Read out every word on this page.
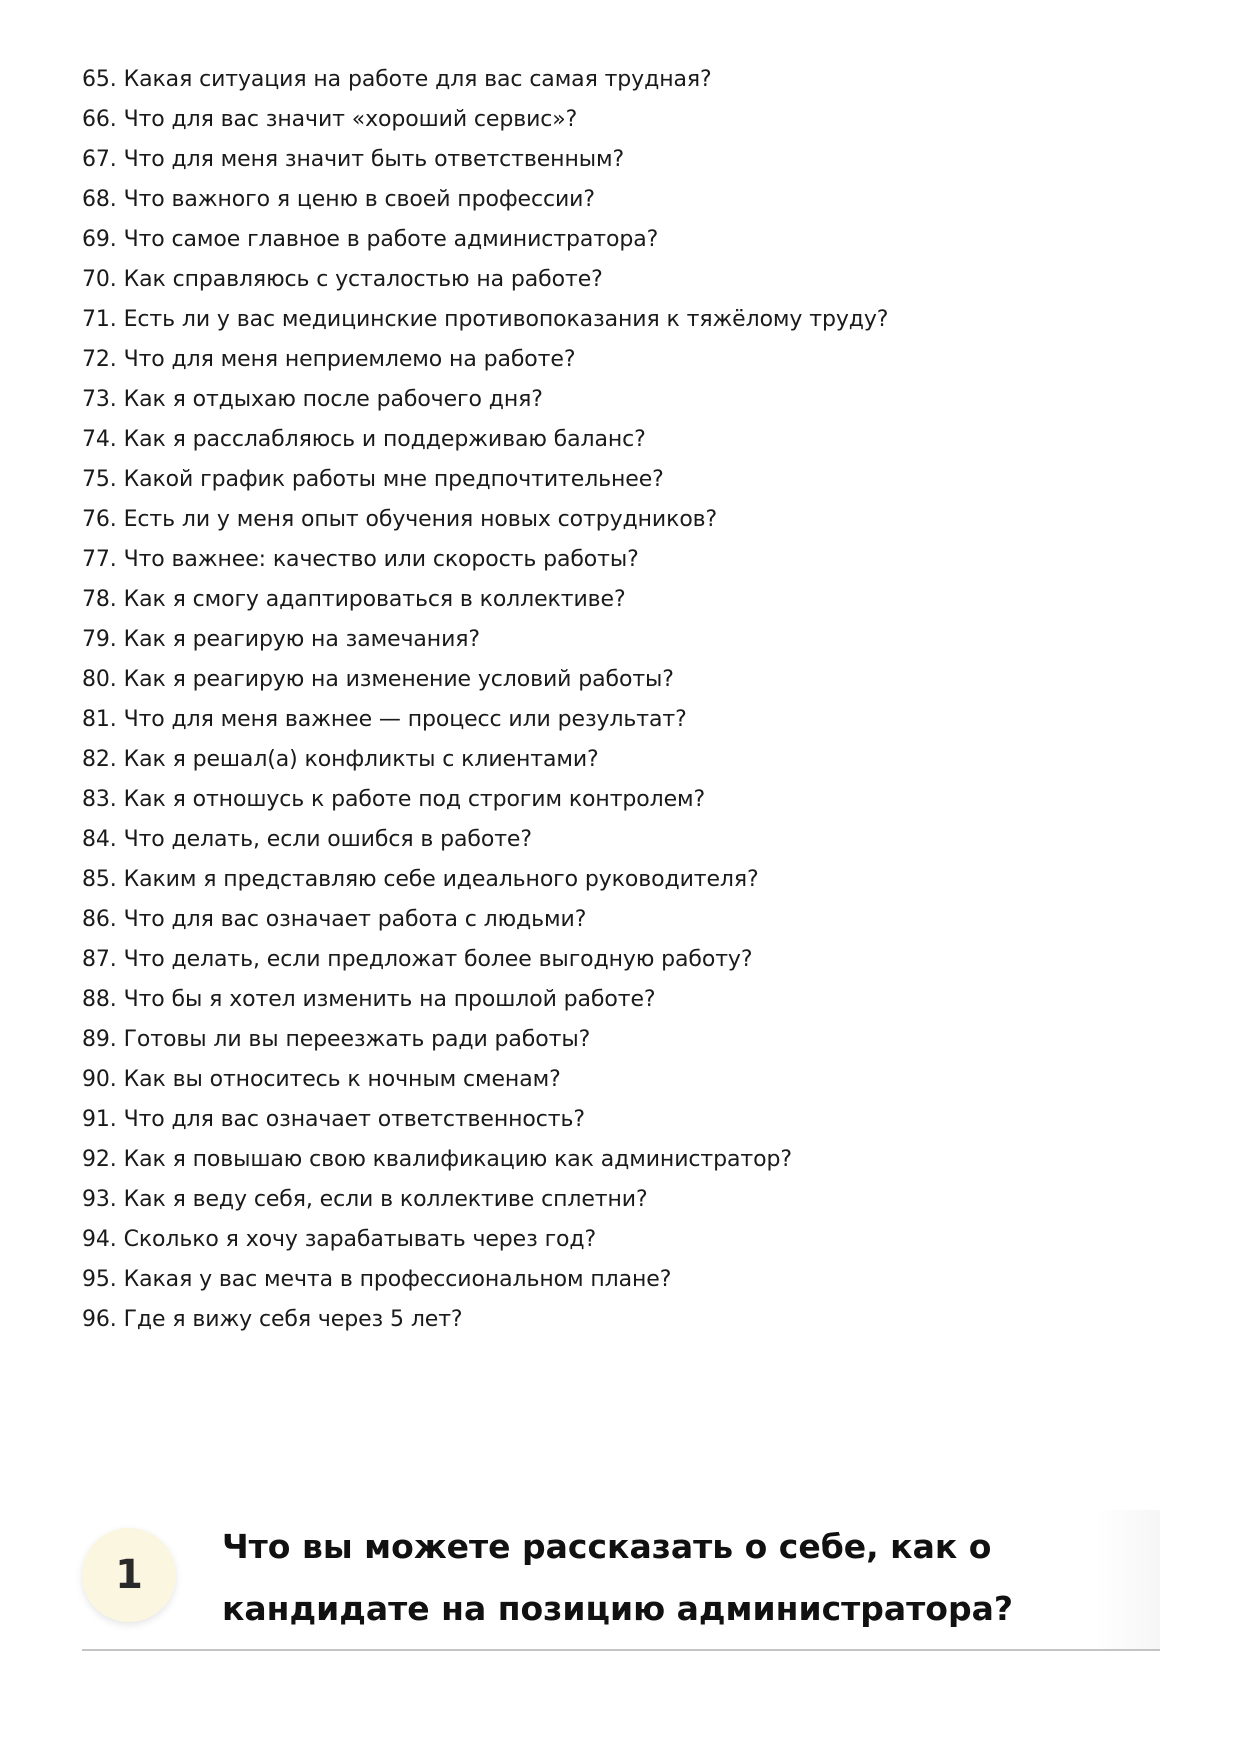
65. Какая ситуация на работе для вас самая трудная?
66. Что для вас значит «хороший сервис»?
67. Что для меня значит быть ответственным?
68. Что важного я ценю в своей профессии?
69. Что самое главное в работе администратора?
70. Как справляюсь с усталостью на работе?
71. Есть ли у вас медицинские противопоказания к тяжёлому труду?
72. Что для меня неприемлемо на работе?
73. Как я отдыхаю после рабочего дня?
74. Как я расслабляюсь и поддерживаю баланс?
75. Какой график работы мне предпочтительнее?
76. Есть ли у меня опыт обучения новых сотрудников?
77. Что важнее: качество или скорость работы?
78. Как я смогу адаптироваться в коллективе?
79. Как я реагирую на замечания?
80. Как я реагирую на изменение условий работы?
81. Что для меня важнее — процесс или результат?
82. Как я решал(а) конфликты с клиентами?
83. Как я отношусь к работе под строгим контролем?
84. Что делать, если ошибся в работе?
85. Каким я представляю себе идеального руководителя?
86. Что для вас означает работа с людьми?
87. Что делать, если предложат более выгодную работу?
88. Что бы я хотел изменить на прошлой работе?
89. Готовы ли вы переезжать ради работы?
90. Как вы относитесь к ночным сменам?
91. Что для вас означает ответственность?
92. Как я повышаю свою квалификацию как администратор?
93. Как я веду себя, если в коллективе сплетни?
94. Сколько я хочу зарабатывать через год?
95. Какая у вас мечта в профессиональном плане?
96. Где я вижу себя через 5 лет?
1
Что вы можете рассказать о себе, как о кандидате на позицию администратора?
